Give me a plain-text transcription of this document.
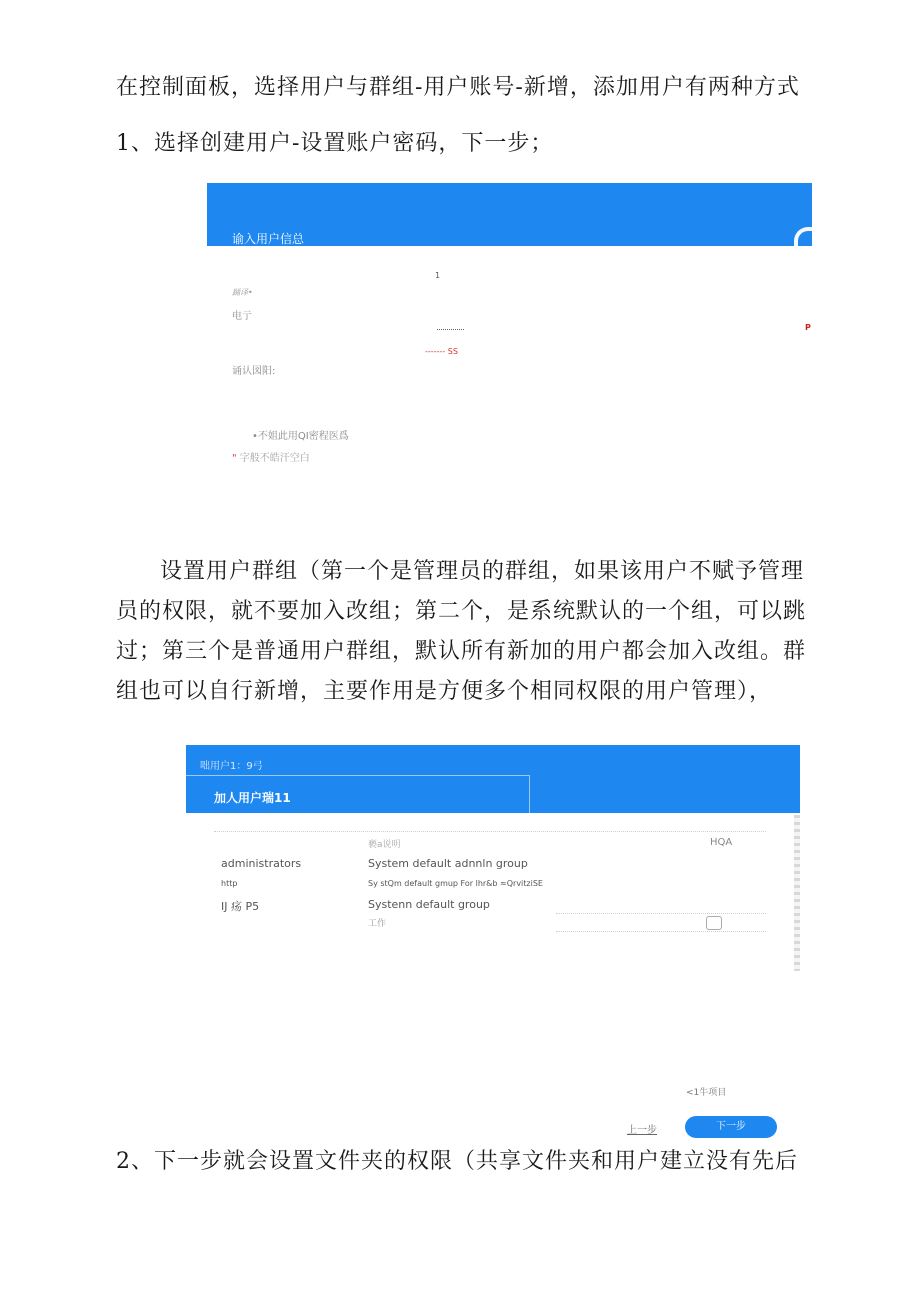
在控制面板，选择用户与群组-用户账号-新增，添加用户有两种方式

1、选择创建用户-设置账户密码，下一步；

谕入用户信总
1
踊译•
电亍
P
------- SS
诵认図阳:
•不姐此用QI密程医爲
" 字般不皓汗空白

设置用户群组（第一个是管理员的群组，如果该用户不赋予管理员的权限，就不要加入改组；第二个，是系统默认的一个组，可以跳过；第三个是普通用户群组，默认所有新加的用户都会加入改组。群组也可以自行新增，主要作用是方便多个相同权限的用户管理），

咄用户1：9弓
加人用户瑞11
褻a说明	HQA
administrators	System default adnnln group
http	Sy stQm default gmup For lhr&b ≈QrvitziSE
IJ 疡 P5	Systenn default group
工作
<1牛项目
上一步	下一步

2、下一步就会设置文件夹的权限（共享文件夹和用户建立没有先后
